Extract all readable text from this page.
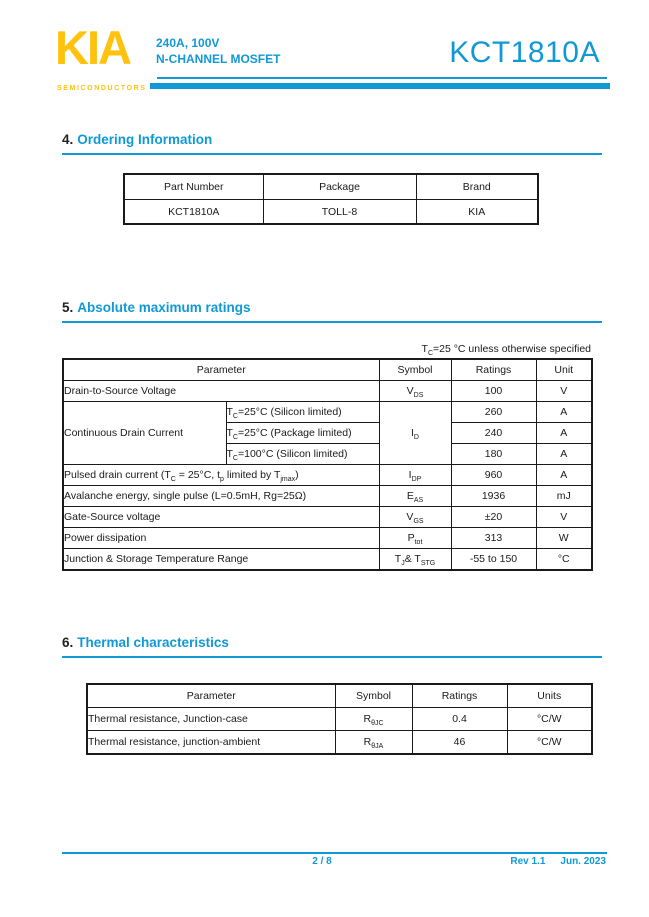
KIA
SEMICONDUCTORS
240A, 100V
N-CHANNEL MOSFET	KCT1810A
4. Ordering Information
Part Number	Package	Brand
KCT1810A	TOLL-8	KIA
5. Absolute maximum ratings
$T_C=25$ °C unless otherwise specified
Parameter		Symbol	Ratings	Unit
Drain-to-Source Voltage		$V_{DS}$	100	V
Continuous Drain Current	$T_C=25^\circ C$ (Silicon limited)	$I_D$	260	A
	$T_C=25^\circ C$ (Package limited)		240	A
	$T_C=100^\circ C$ (Silicon limited)		180	A
Pulsed drain current ($T_C = 25^\circ C$, $t_p$ limited by $T_{jmax}$)		$I_{DP}$	960	A
Avalanche energy, single pulse (L=0.5mH, Rg=25Ω)		$E_{AS}$	1936	mJ
Gate-Source voltage		$V_{GS}$	±20	V
Power dissipation		$P_{tot}$	313	W
Junction & Storage Temperature Range		$T_J\&$ $T_{STG}$	-55 to 150	°C
6. Thermal characteristics
Parameter	Symbol	Ratings	Units
Thermal resistance, Junction-case	$R_{\theta JC}$	0.4	°C/W
Thermal resistance, junction-ambient	$R_{\theta JA}$	46	°C/W
2 / 8	Rev 1.1 Jun. 2023
